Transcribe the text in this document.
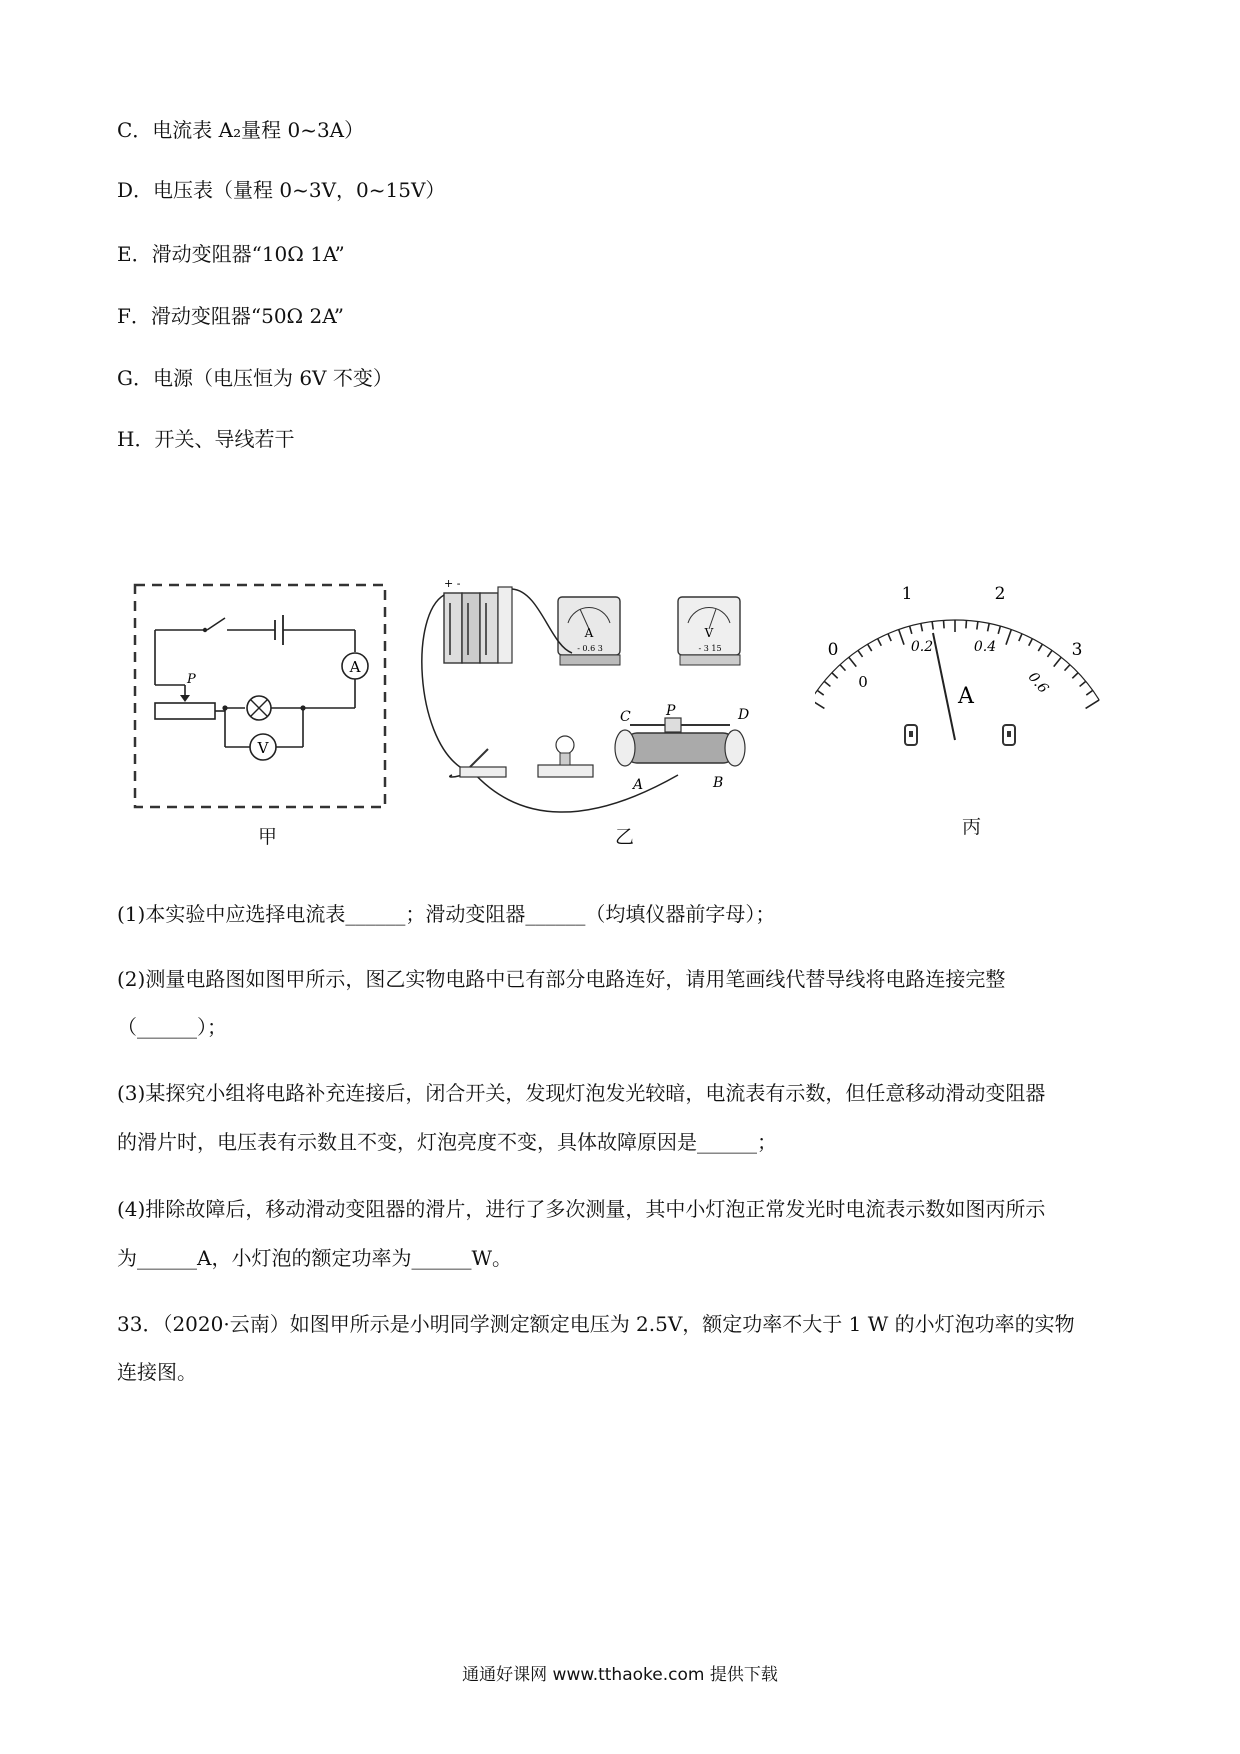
C．电流表 A₂量程 0~3A）
D．电压表（量程 0~3V，0~15V）
E．滑动变阻器“10Ω 1A”
F．滑动变阻器“50Ω 2A”
G．电源（电压恒为 6V 不变）
H．开关、导线若干
A
P
V
甲
+ -
A
- 0.6 3
V
- 3 15
C	P	D
A	B
乙
0
1	2
3
0
0.2	0.4
0.6
A
丙
(1)本实验中应选择电流表______；滑动变阻器______（均填仪器前字母）；
(2)测量电路图如图甲所示，图乙实物电路中已有部分电路连好，请用笔画线代替导线将电路连接完整
（______）；
(3)某探究小组将电路补充连接后，闭合开关，发现灯泡发光较暗，电流表有示数，但任意移动滑动变阻器
的滑片时，电压表有示数且不变，灯泡亮度不变，具体故障原因是______；
(4)排除故障后，移动滑动变阻器的滑片，进行了多次测量，其中小灯泡正常发光时电流表示数如图丙所示
为______A，小灯泡的额定功率为______W。
33．（2020·云南）如图甲所示是小明同学测定额定电压为 2.5V，额定功率不大于 1 W 的小灯泡功率的实物
连接图。
通通好课网 www.tthaoke.com 提供下载
